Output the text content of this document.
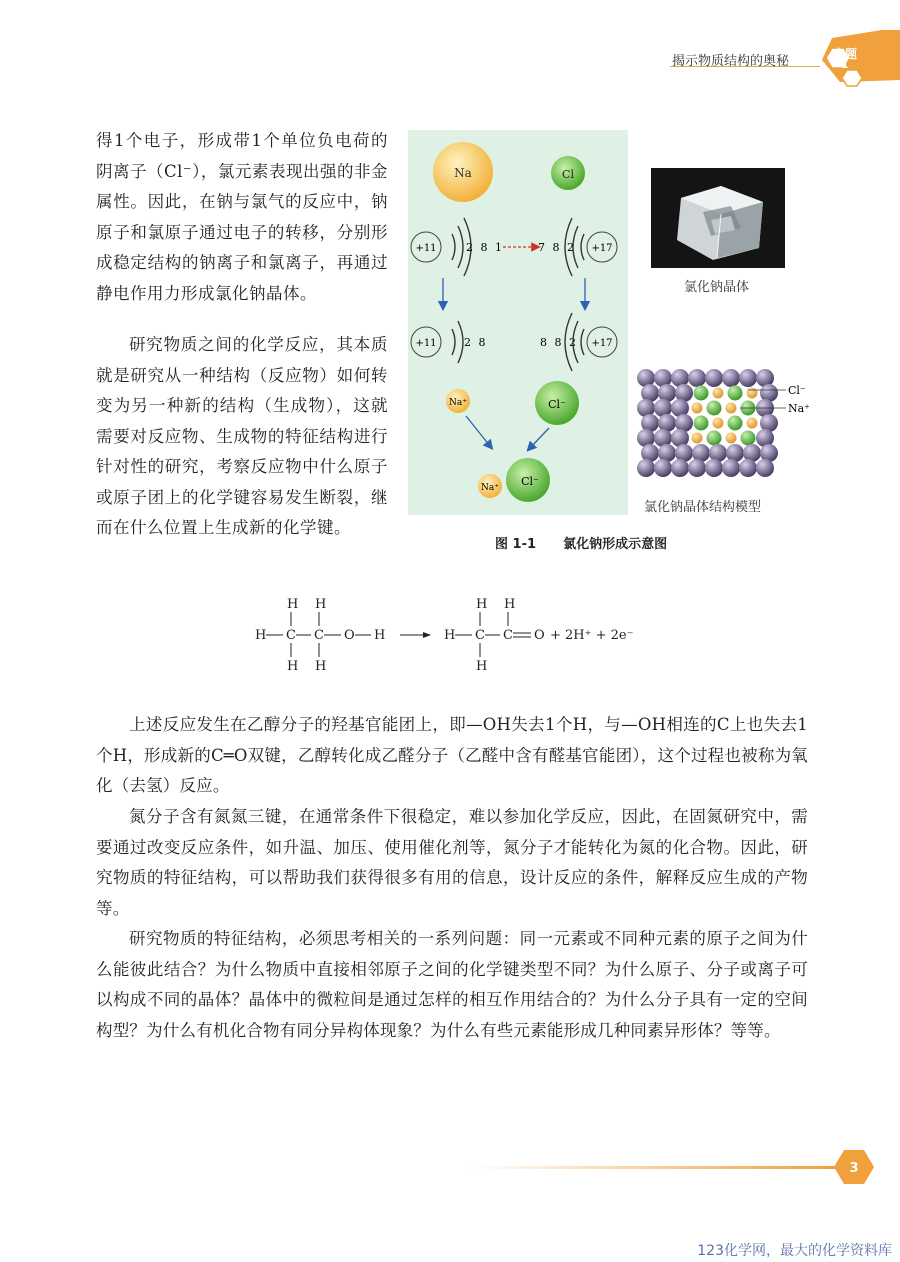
揭示物质结构的奥秘	专题
1

得1个电子，形成带1个单位负电荷的阴离子（Cl⁻），氯元素表现出强的非金属性。因此，在钠与氯气的反应中，钠原子和氯原子通过电子的转移，分别形成稳定结构的钠离子和氯离子，再通过静电作用力形成氯化钠晶体。

研究物质之间的化学反应，其本质就是研究从一种结构（反应物）如何转变为另一种新的结构（生成物），这就需要对反应物、生成物的特征结构进行针对性的研究，考察反应物中什么原子或原子团上的化学键容易发生断裂，继而在什么位置上生成新的化学键。

Na	Cl
+11	2 8 1	7 8 2 +17
+11 2 8	8 8 2 +17
Na⁺	Cl⁻
Cl⁻
Na⁺
氯化钠晶体
Cl⁻
Na⁺
氯化钠晶体结构模型
图 1-1 氯化钠形成示意图
H H
H C C O H
H H
H H
H C C O
H
+ 2H⁺ + 2e⁻

上述反应发生在乙醇分子的羟基官能团上，即—OH失去1个H，与—OH相连的C上也失去1个H，形成新的C═O双键，乙醇转化成乙醛分子（乙醛中含有醛基官能团），这个过程也被称为氧化（去氢）反应。

氮分子含有氮氮三键，在通常条件下很稳定，难以参加化学反应，因此，在固氮研究中，需要通过改变反应条件，如升温、加压、使用催化剂等，氮分子才能转化为氮的化合物。因此，研究物质的特征结构，可以帮助我们获得很多有用的信息，设计反应的条件，解释反应生成的产物等。

研究物质的特征结构，必须思考相关的一系列问题：同一元素或不同种元素的原子之间为什么能彼此结合？为什么物质中直接相邻原子之间的化学键类型不同？为什么原子、分子或离子可以构成不同的晶体？晶体中的微粒间是通过怎样的相互作用结合的？为什么分子具有一定的空间构型？为什么有机化合物有同分异构体现象？为什么有些元素能形成几种同素异形体？等等。

3
123化学网，最大的化学资料库
